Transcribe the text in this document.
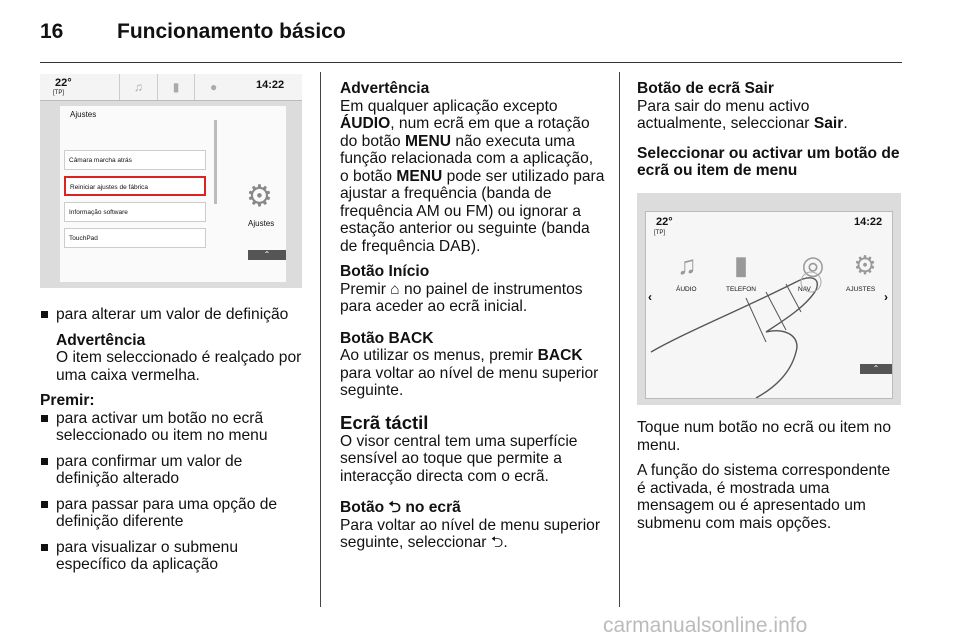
16	Funcionamento básico
22°
[TP]	♫	▮	●	14:22
Ajustes
Câmara marcha atrás
Reiniciar ajustes de fábrica
Informação software
TouchPad
⚙
Ajustes
⌃
para alterar um valor de definição
Advertência
O item seleccionado é realçado por uma caixa vermelha.
Premir:
para activar um botão no ecrã seleccionado ou item no menu
para confirmar um valor de definição alterado
para passar para uma opção de definição diferente
para visualizar o submenu específico da aplicação
Advertência

Em qualquer aplicação excepto ÁUDIO, num ecrã em que a rotação do botão MENU não executa uma função relacionada com a aplicação, o botão MENU pode ser utilizado para ajustar a frequência (banda de frequência AM ou FM) ou ignorar a estação anterior ou seguinte (banda de frequência DAB).

Botão Início

Premir ⌂ no painel de instrumentos para aceder ao ecrã inicial.

Botão BACK

Ao utilizar os menus, premir BACK para voltar ao nível de menu superior seguinte.

Ecrã táctil

O visor central tem uma superfície sensível ao toque que permite a interacção directa com o ecrã.

Botão ⮌ no ecrã

Para voltar ao nível de menu superior seguinte, seleccionar ⮌.

Botão de ecrã Sair

Para sair do menu activo actualmente, seleccionar Sair.

Seleccionar ou activar um botão de ecrã ou item de menu
22°
[TP]
14:22
♫	▮	◎ ⚙
ÁUDIO	TELEFON	NAV	AJUSTES
‹	›
⌃

Toque num botão no ecrã ou item no menu.

A função do sistema correspondente é activada, é mostrada uma mensagem ou é apresentado um submenu com mais opções.

carmanualsonline.info
